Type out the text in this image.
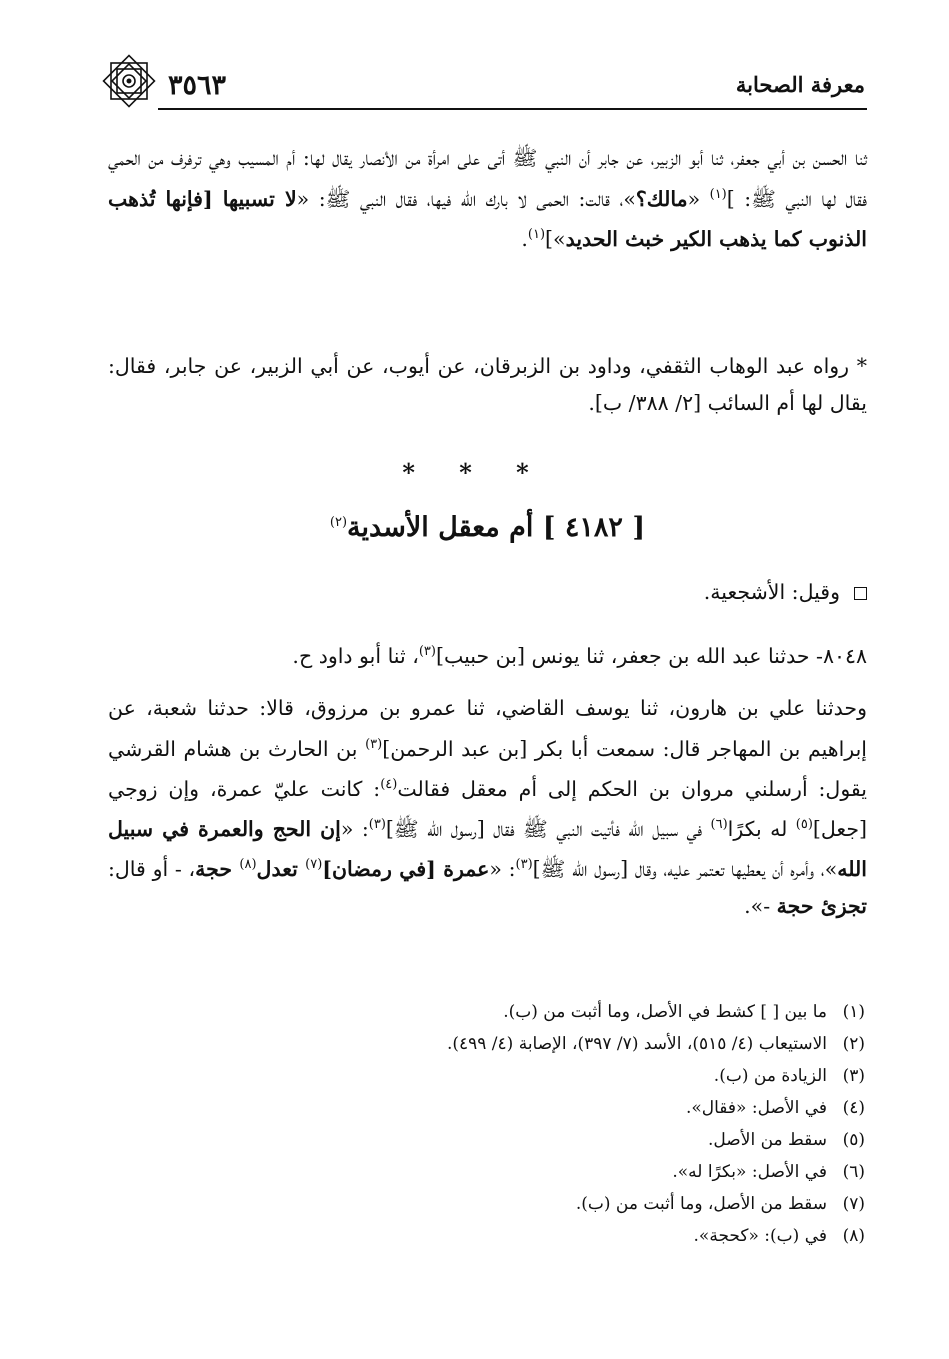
٣٥٦٣	معرفة الصحابة
ثنا الحسن بن أبي جعفر، ثنا أبو الزبير، عن جابر أن النبي ﷺ أتى على امرأة من الأنصار يقال لها: أم المسيب وهي ترفرف من الحمي فقال لها النبي ﷺ: ]$^{(١)}$ «مالك؟»، قالت: الحمى لا بارك الله فيها، فقال النبي ﷺ: «لا تسبيها [فإنها تُذهب الذنوب كما يذهب الكير خبث الحديد»]$^{(١)}$.
* رواه عبد الوهاب الثقفي، وداود بن الزبرقان، عن أيوب، عن أبي الزبير، عن جابر، فقال: يقال لها أم السائب [٢/ ٣٨٨/ ب].
* * *
[ ٤١٨٢ ] أم معقل الأسدية$^{(٢)}$
وقيل: الأشجعية.
٨٠٤٨- حدثنا عبد الله بن جعفر، ثنا يونس [بن حبيب]$^{(٣)}$، ثنا أبو داود ح.
وحدثنا علي بن هارون، ثنا يوسف القاضي، ثنا عمرو بن مرزوق، قالا: حدثنا شعبة، عن إبراهيم بن المهاجر قال: سمعت أبا بكر [بن عبد الرحمن]$^{(٣)}$ بن الحارث بن هشام القرشي يقول: أرسلني مروان بن الحكم إلى أم معقل فقالت$^{(٤)}$: كانت عليّ عمرة، وإن زوجي [جعل]$^{(٥)}$ له بكرًا$^{(٦)}$ في سبيل الله فأتيت النبي ﷺ فقال [رسول الله ﷺ]$^{(٣)}$: «إن الحج والعمرة في سبيل الله»، وأمره أن يعطيها تعتمر عليه، وقال [رسول الله ﷺ]$^{(٣)}$: «عمرة [في رمضان]$^{(٧)}$ تعدل$^{(٨)}$ حجة، - أو قال: تجزئ حجة -».
(١)ما بين [ ] كشط في الأصل، وما أثبت من (ب).
(٢)الاستيعاب (٤/ ٥١٥)، الأسد (٧/ ٣٩٧)، الإصابة (٤/ ٤٩٩).
(٣)الزيادة من (ب).
(٤)في الأصل: «فقال».
(٥)سقط من الأصل.
(٦)في الأصل: «بكرًا له».
(٧)سقط من الأصل، وما أثبت من (ب).
(٨)في (ب): «كحجة».
